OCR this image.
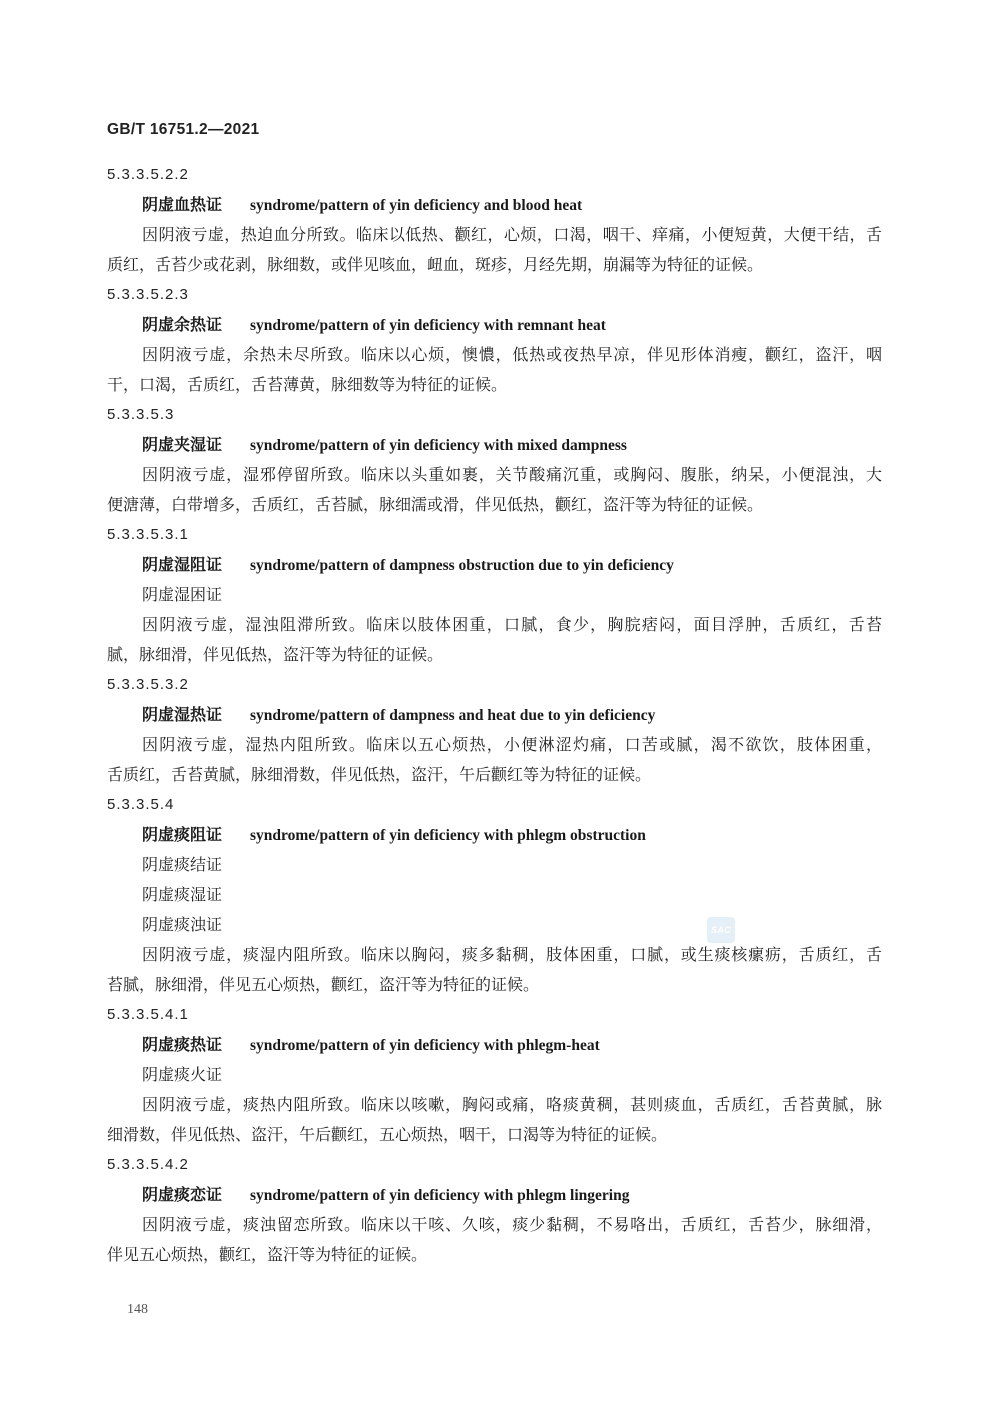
GB/T 16751.2—2021
5.3.3.5.2.2
阴虚血热证 syndrome/pattern of yin deficiency and blood heat
因阴液亏虚，热迫血分所致。临床以低热、颧红，心烦，口渴，咽干、痒痛，小便短黄，大便干结，舌
质红，舌苔少或花剥，脉细数，或伴见咳血，衄血，斑疹，月经先期，崩漏等为特征的证候。
5.3.3.5.2.3
阴虚余热证 syndrome/pattern of yin deficiency with remnant heat
因阴液亏虚，余热未尽所致。临床以心烦，懊憹，低热或夜热早凉，伴见形体消瘦，颧红，盗汗，咽
干，口渴，舌质红，舌苔薄黄，脉细数等为特征的证候。
5.3.3.5.3
阴虚夹湿证 syndrome/pattern of yin deficiency with mixed dampness
因阴液亏虚，湿邪停留所致。临床以头重如裹，关节酸痛沉重，或胸闷、腹胀，纳呆，小便混浊，大
便溏薄，白带增多，舌质红，舌苔腻，脉细濡或滑，伴见低热，颧红，盗汗等为特征的证候。
5.3.3.5.3.1
阴虚湿阻证 syndrome/pattern of dampness obstruction due to yin deficiency
阴虚湿困证
因阴液亏虚，湿浊阻滞所致。临床以肢体困重，口腻，食少，胸脘痞闷，面目浮肿，舌质红，舌苔
腻，脉细滑，伴见低热，盗汗等为特征的证候。
5.3.3.5.3.2
阴虚湿热证 syndrome/pattern of dampness and heat due to yin deficiency
因阴液亏虚，湿热内阻所致。临床以五心烦热，小便淋涩灼痛，口苦或腻，渴不欲饮，肢体困重，
舌质红，舌苔黄腻，脉细滑数，伴见低热，盗汗，午后颧红等为特征的证候。
5.3.3.5.4
阴虚痰阻证 syndrome/pattern of yin deficiency with phlegm obstruction
阴虚痰结证
阴虚痰湿证
阴虚痰浊证
因阴液亏虚，痰湿内阻所致。临床以胸闷，痰多黏稠，肢体困重，口腻，或生痰核瘰疬，舌质红，舌
苔腻，脉细滑，伴见五心烦热，颧红，盗汗等为特征的证候。
5.3.3.5.4.1
阴虚痰热证 syndrome/pattern of yin deficiency with phlegm-heat
阴虚痰火证
因阴液亏虚，痰热内阻所致。临床以咳嗽，胸闷或痛，咯痰黄稠，甚则痰血，舌质红，舌苔黄腻，脉
细滑数，伴见低热、盗汗，午后颧红，五心烦热，咽干，口渴等为特征的证候。
5.3.3.5.4.2
阴虚痰恋证 syndrome/pattern of yin deficiency with phlegm lingering
因阴液亏虚，痰浊留恋所致。临床以干咳、久咳，痰少黏稠，不易咯出，舌质红，舌苔少，脉细滑，
伴见五心烦热，颧红，盗汗等为特征的证候。
SAC
148
